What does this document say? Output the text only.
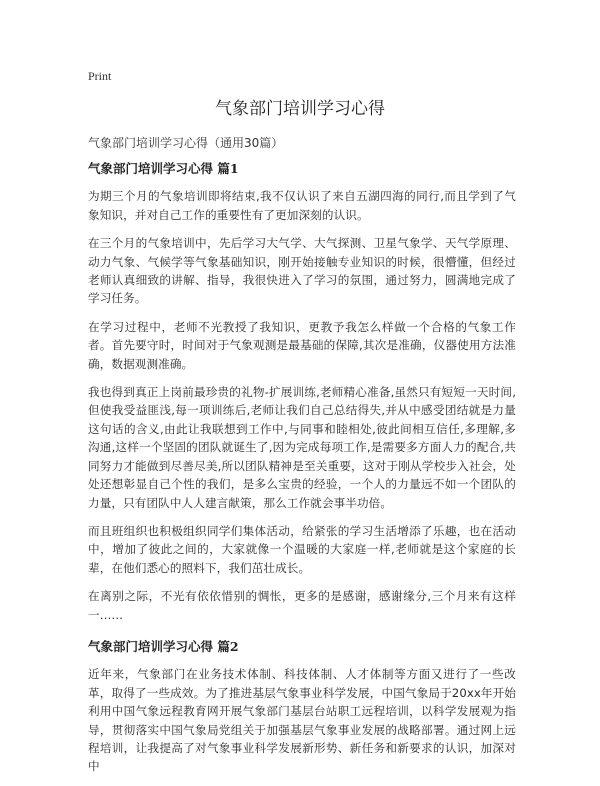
Print
气象部门培训学习心得
气象部门培训学习心得（通用30篇）
气象部门培训学习心得 篇1

为期三个月的气象培训即将结束,我不仅认识了来自五湖四海的同行,而且学到了气象知识，并对自己工作的重要性有了更加深刻的认识。

在三个月的气象培训中，先后学习大气学、大气探测、卫星气象学、天气学原理、动力气象、气候学等气象基础知识，刚开始接触专业知识的时候，很懵懂，但经过老师认真细致的讲解、指导，我很快进入了学习的氛围，通过努力，圆满地完成了学习任务。

在学习过程中，老师不光教授了我知识，更教予我怎么样做一个合格的气象工作者。首先要守时，时间对于气象观测是最基础的保障,其次是准确，仪器使用方法准确，数据观测准确。

我也得到真正上岗前最珍贵的礼物-扩展训练,老师精心准备,虽然只有短短一天时间,但使我受益匪浅,每一项训练后,老师让我们自己总结得失,并从中感受团结就是力量这句话的含义,由此让我联想到工作中,与同事和睦相处,彼此间相互信任,多理解,多沟通,这样一个坚固的团队就诞生了,因为完成每项工作,是需要多方面人力的配合,共同努力才能做到尽善尽美,所以团队精神是至关重要，这对于刚从学校步入社会，处处还想彰显自己个性的我们，是多么宝贵的经验，一个人的力量远不如一个团队的力量，只有团队中人人建言献策，那么工作就会事半功倍。

而且班组织也积极组织同学们集体活动，给紧张的学习生活增添了乐趣，也在活动中，增加了彼此之间的，大家就像一个温暖的大家庭一样,老师就是这个家庭的长辈，在他们悉心的照料下，我们茁壮成长。

在离别之际，不光有依依惜别的惆怅，更多的是感谢，感谢缘分,三个月来有这样一……

气象部门培训学习心得 篇2

近年来，气象部门在业务技术体制、科技体制、人才体制等方面又进行了一些改革，取得了一些成效。为了推进基层气象事业科学发展，中国气象局于20xx年开始利用中国气象远程教育网开展气象部门基层台站职工远程培训，以科学发展观为指导，贯彻落实中国气象局党组关于加强基层气象事业发展的战略部署。通过网上远程培训，让我提高了对气象事业科学发展新形势、新任务和新要求的认识，加深对中
